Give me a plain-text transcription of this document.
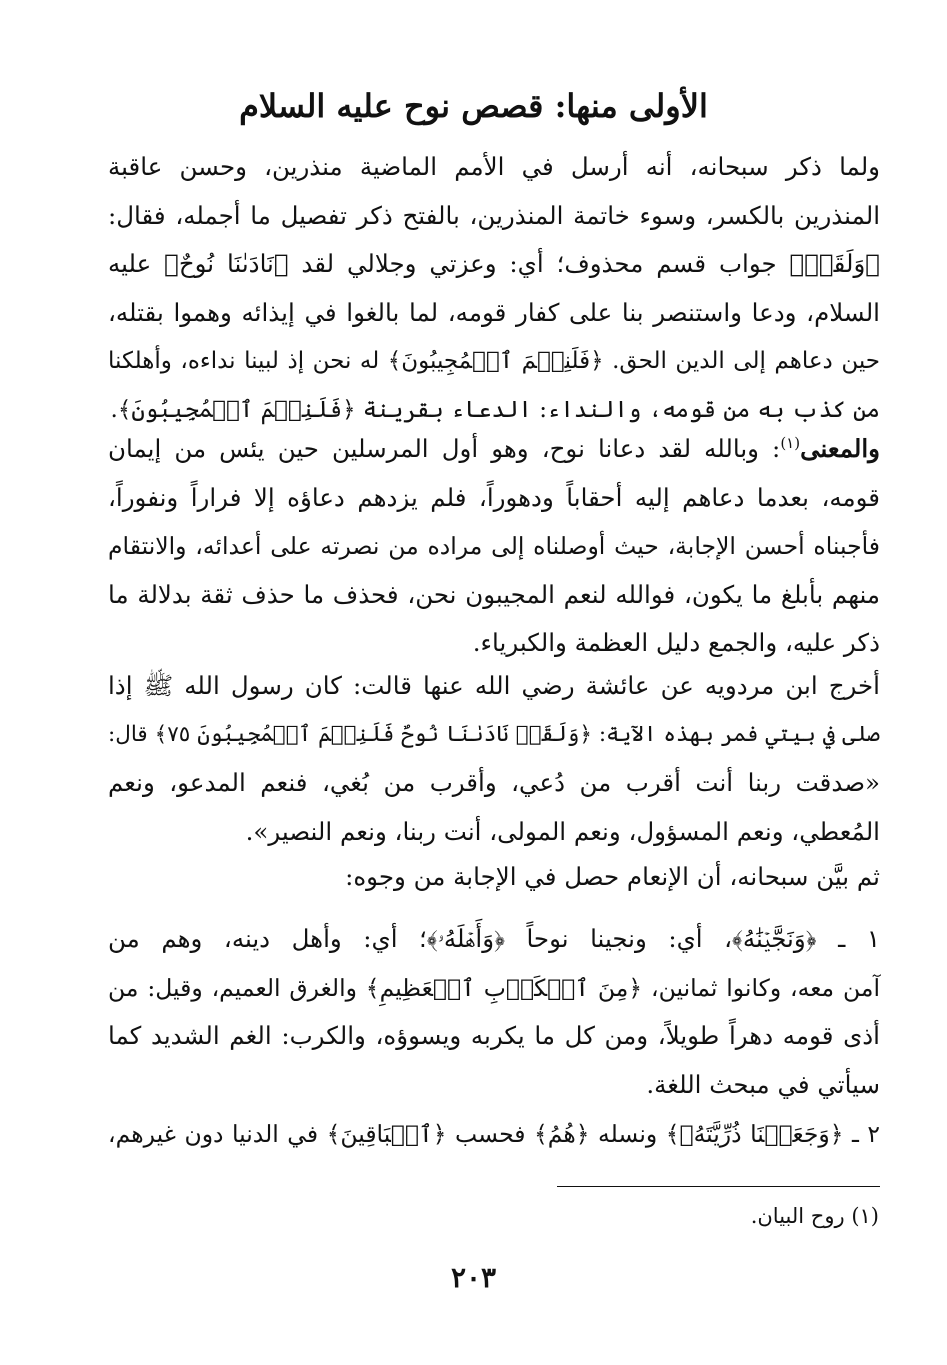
الأولى منها: قصص نوح عليه السلام
ولما ذكر سبحانه، أنه أرسل في الأمم الماضية منذرين، وحسن عاقبة
المنذرين بالكسر، وسوء خاتمة المنذرين، بالفتح ذكر تفصيل ما أجمله، فقال:
﴿وَلَقَدۡ﴾ جواب قسم محذوف؛ أي: وعزتي وجلالي لقد ﴿نَادَىٰنَا نُوحٌ﴾ عليه
السلام، ودعا واستنصر بنا على كفار قومه، لما بالغوا في إيذائه وهموا بقتله،
حين دعاهم إلى الدين الحق. ﴿فَلَنِعۡمَ ٱلۡمُجِيبُونَ﴾ له نحن إذ لبينا نداءه، وأهلكنا
من كذب به من قومه، والنداء: الدعاء بقرينة ﴿فَلَنِعۡمَ ٱلۡمُجِيبُونَ﴾.
والمعنى$^{(١)}$: وبالله لقد دعانا نوح، وهو أول المرسلين حين يئس من إيمان
قومه، بعدما دعاهم إليه أحقاباً ودهوراً، فلم يزدهم دعاؤه إلا فراراً ونفوراً،
فأجبناه أحسن الإجابة، حيث أوصلناه إلى مراده من نصرته على أعدائه، والانتقام
منهم بأبلغ ما يكون، فوالله لنعم المجيبون نحن، فحذف ما حذف ثقة بدلالة ما
ذكر عليه، والجمع دليل العظمة والكبرياء.
أخرج ابن مردويه عن عائشة رضي الله عنها قالت: كان رسول الله ﷺ إذا
صلى في بيتي فمر بهذه الآية: ﴿وَلَقَدۡ نَادَىٰنَا نُوحٌ فَلَنِعۡمَ ٱلۡمُجِيبُونَ ٧٥﴾ قال:
«صدقت ربنا أنت أقرب من دُعي، وأقرب من بُغي، فنعم المدعو، ونعم
المُعطي، ونعم المسؤول، ونعم المولى، أنت ربنا، ونعم النصير».
ثم بيَّن سبحانه، أن الإنعام حصل في الإجابة من وجوه:
١ ـ ﴿وَنَجَّيۡنَٰهُ﴾، أي: ونجينا نوحاً ﴿وَأَهۡلَهُۥ﴾؛ أي: وأهل دينه، وهم من
آمن معه، وكانوا ثمانين، ﴿مِنَ ٱلۡكَرۡبِ ٱلۡعَظِيمِ﴾ والغرق العميم، وقيل: من
أذى قومه دهراً طويلاً، ومن كل ما يكربه ويسوؤه، والكرب: الغم الشديد كما
سيأتي في مبحث اللغة.
٢ ـ ﴿وَجَعَلۡنَا ذُرِّيَّتَهُۥ﴾ ونسله ﴿هُمُ﴾ فحسب ﴿ٱلۡبَاقِينَ﴾ في الدنيا دون غيرهم،
(١) روح البيان.
٢٠٣
